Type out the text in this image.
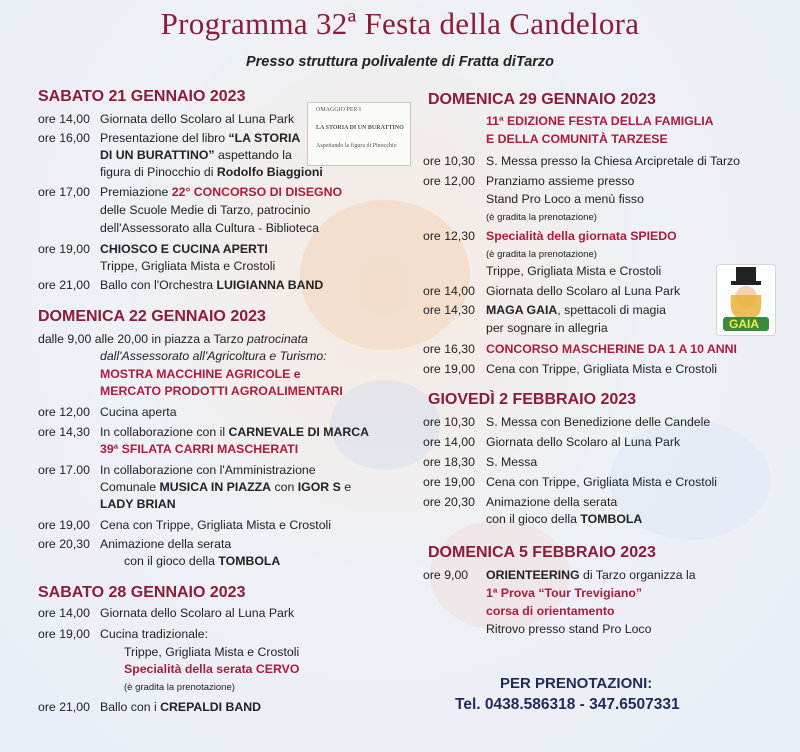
Programma 32ª Festa della Candelora
Presso struttura polivalente di Fratta diTarzo
OMAGGIO PER I
LA STORIA DI UN BURATTINO
Aspettando la figura di Pinocchio
GAIA
SABATO 21 GENNAIO 2023
ore 14,00 Giornata dello Scolaro al Luna Park
ore 16,00 Presentazione del libro “LA STORIA
DI UN BURATTINO” aspettando la
figura di Pinocchio di Rodolfo Biaggioni
ore 17,00 Premiazione 22° CONCORSO DI DISEGNO
delle Scuole Medie di Tarzo, patrocinio
dell'Assessorato alla Cultura - Biblioteca
ore 19,00 CHIOSCO E CUCINA APERTI
Trippe, Grigliata Mista e Crostoli
ore 21,00 Ballo con l'Orchestra LUIGIANNA BAND
DOMENICA 22 GENNAIO 2023
dalle 9,00 alle 20,00 in piazza a Tarzo patrocinata
dall'Assessorato all'Agricoltura e Turismo:
MOSTRA MACCHINE AGRICOLE e
MERCATO PRODOTTI AGROALIMENTARI
ore 12,00 Cucina aperta
ore 14,30 In collaborazione con il CARNEVALE DI MARCA
39ª SFILATA CARRI MASCHERATI
ore 17.00 In collaborazione con l'Amministrazione
Comunale MUSICA IN PIAZZA con IGOR S e
LADY BRIAN
ore 19,00 Cena con Trippe, Grigliata Mista e Crostoli
ore 20,30 Animazione della serata
con il gioco della TOMBOLA
SABATO 28 GENNAIO 2023
ore 14,00 Giornata dello Scolaro al Luna Park
ore 19,00 Cucina tradizionale:
Trippe, Grigliata Mista e Crostoli
Specialità della serata CERVO
(è gradita la prenotazione)
ore 21,00 Ballo con i CREPALDI BAND
DOMENICA 29 GENNAIO 2023
11ª EDIZIONE FESTA DELLA FAMIGLIA
E DELLA COMUNITÀ TARZESE
ore 10,30 S. Messa presso la Chiesa Arcipretale di Tarzo
ore 12,00 Pranziamo assieme presso
Stand Pro Loco a menù fisso
(è gradita la prenotazione)
ore 12,30 Specialità della giornata SPIEDO
(è gradita la prenotazione)
Trippe, Grigliata Mista e Crostoli
ore 14,00 Giornata dello Scolaro al Luna Park
ore 14,30 MAGA GAIA, spettacoli di magia
per sognare in allegria
ore 16,30 CONCORSO MASCHERINE DA 1 A 10 ANNI
ore 19,00 Cena con Trippe, Grigliata Mista e Crostoli
GIOVEDÌ 2 FEBBRAIO 2023
ore 10,30 S. Messa con Benedizione delle Candele
ore 14,00 Giornata dello Scolaro al Luna Park
ore 18,30 S. Messa
ore 19,00 Cena con Trippe, Grigliata Mista e Crostoli
ore 20,30 Animazione della serata
con il gioco della TOMBOLA
DOMENICA 5 FEBBRAIO 2023
ore 9,00 ORIENTEERING di Tarzo organizza la
1ª Prova “Tour Trevigiano”
corsa di orientamento
Ritrovo presso stand Pro Loco
PER PRENOTAZIONI:
Tel. 0438.586318 - 347.6507331
